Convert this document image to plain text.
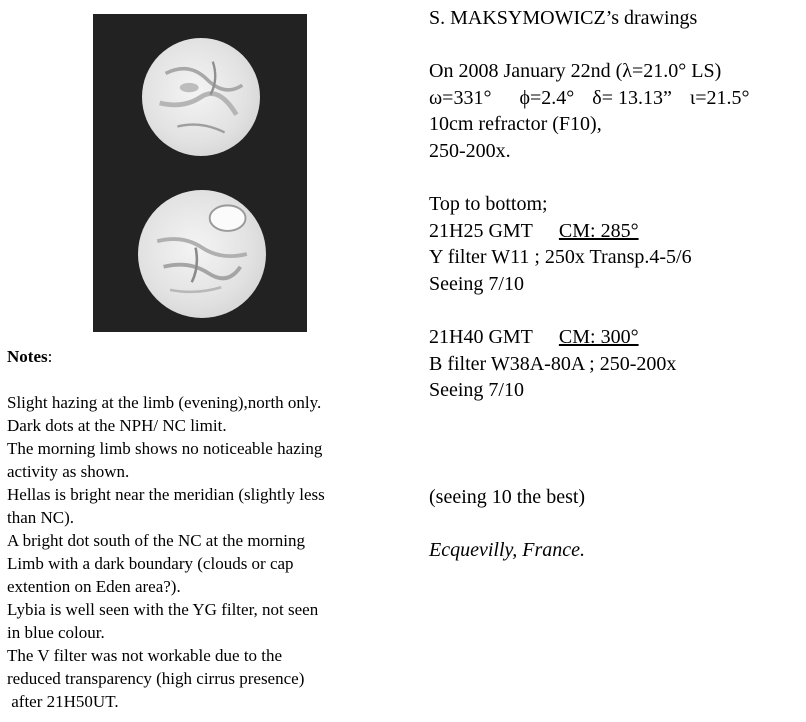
Notes:
Slight hazing at the limb (evening),north only.
Dark dots at the NPH/ NC limit.
The morning limb shows no noticeable hazing
activity as shown.
Hellas is bright near the meridian (slightly less
than NC).
A bright dot south of the NC at the morning
Limb with a dark boundary (clouds or cap
extention on Eden area?).
Lybia is well seen with the YG filter, not seen
in blue colour.
The V filter was not workable due to the
reduced transparency (high cirrus presence)
after 21H50UT.
S. MAKSYMOWICZ’s drawings
On 2008 January 22nd (λ=21.0° LS)
ω=331° ϕ=2.4° δ= 13.13” ι=21.5°
10cm refractor (F10),
250-200x.
Top to bottom;
21H25 GMT CM: 285°
Y filter W11 ; 250x Transp.4-5/6
Seeing 7/10
21H40 GMT CM: 300°
B filter W38A-80A ; 250-200x
Seeing 7/10
(seeing 10 the best)
Ecquevilly, France.
